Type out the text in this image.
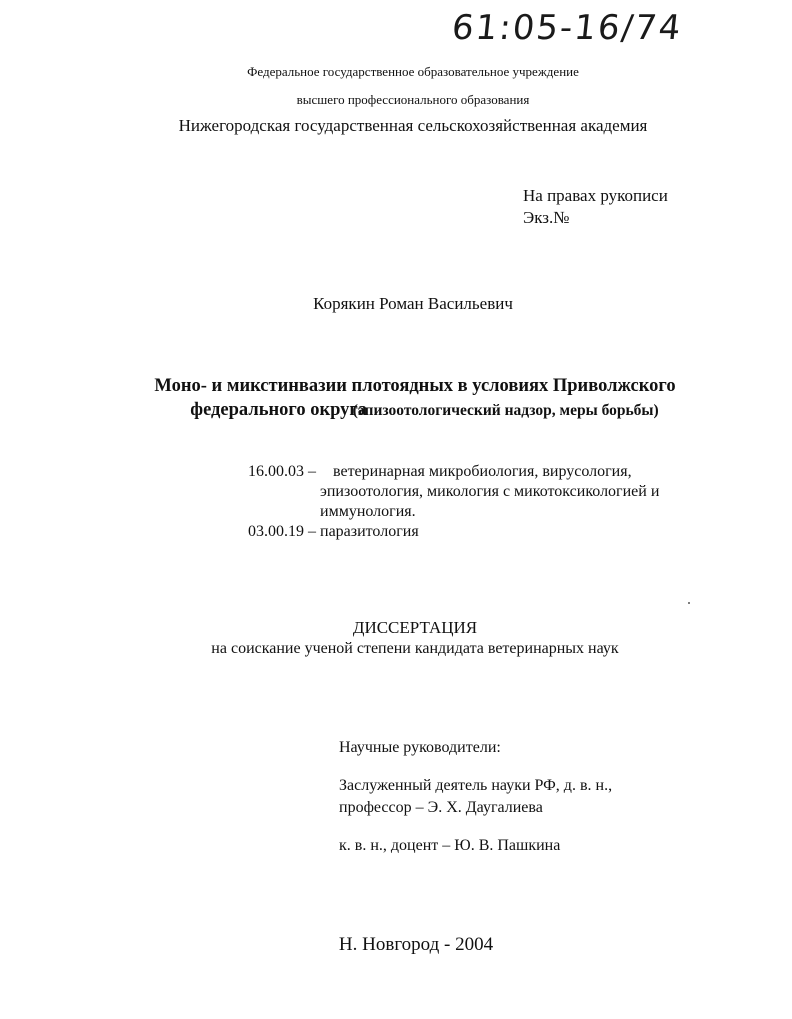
61:05-16/74
Федеральное государственное образовательное учреждение
высшего профессионального образования
Нижегородская государственная сельскохозяйственная академия
На правах рукописи
Экз.№
Корякин Роман Васильевич
Моно- и микстинвазии плотоядных в условиях Приволжского
федерального округа (эпизоотологический надзор, меры борьбы)
16.00.03 – ветеринарная микробиология, вирусология,
эпизоотология, микология с микотоксикологией и
иммунология.
03.00.19 – паразитология
ДИССЕРТАЦИЯ
на соискание ученой степени кандидата ветеринарных наук
Научные руководители:
Заслуженный деятель науки РФ, д. в. н.,
профессор – Э. Х. Даугалиева
к. в. н., доцент – Ю. В. Пашкина
Н. Новгород - 2004
